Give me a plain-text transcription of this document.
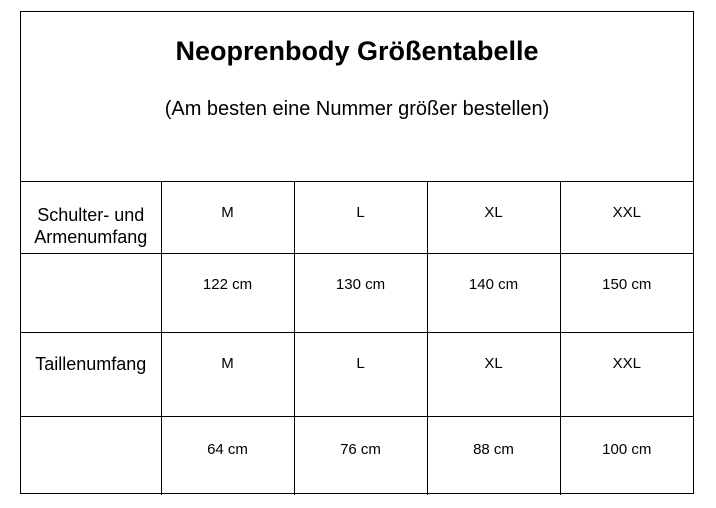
Neoprenbody Größentabelle
(Am besten eine Nummer größer bestellen)
Schulter- und
Armenumfang	M	L	XL	XXL

	122 cm	130 cm	140 cm	150 cm

Taillenumfang	M	L	XL	XXL

	64 cm	76 cm	88 cm	100 cm
